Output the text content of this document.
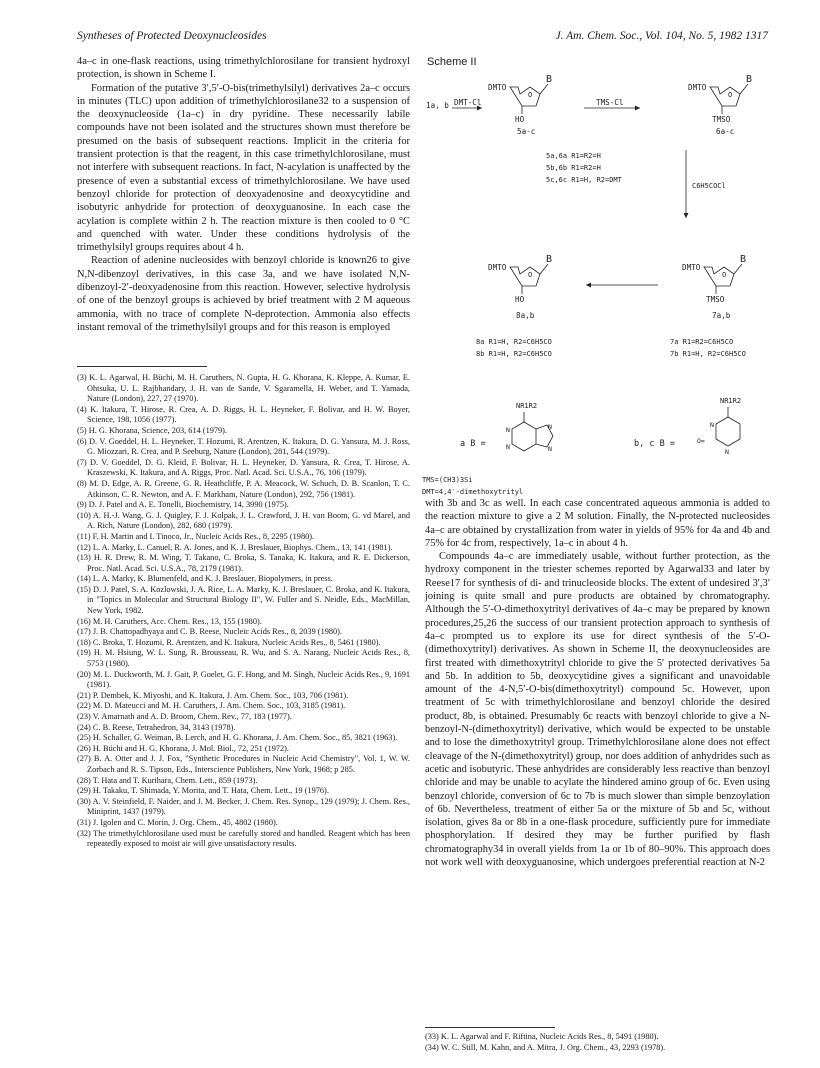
Syntheses of Protected Deoxynucleosides	J. Am. Chem. Soc., Vol. 104, No. 5, 1982 1317

4a–c in one-flask reactions, using trimethylchlorosilane for transient hydroxyl protection, is shown in Scheme I.

Formation of the putative 3′,5′-O-bis(trimethylsilyl) derivatives 2a–c occurs in minutes (TLC) upon addition of trimethylchlorosilane32 to a suspension of the deoxynucleoside (1a–c) in dry pyridine. These necessarily labile compounds have not been isolated and the structures shown must therefore be presumed on the basis of subsequent reactions. Implicit in the criteria for transient protection is that the reagent, in this case trimethylchlorosilane, must not interfere with subsequent reactions. In fact, N-acylation is unaffected by the presence of even a substantial excess of trimethylchlorosilane. We have used benzoyl chloride for protection of deoxyadenosine and deoxycytidine and isobutyric anhydride for protection of deoxyguanosine. In each case the acylation is complete within 2 h. The reaction mixture is then cooled to 0 °C and quenched with water. Under these conditions hydrolysis of the trimethylsilyl groups requires about 4 h.

Reaction of adenine nucleosides with benzoyl chloride is known26 to give N,N-dibenzoyl derivatives, in this case 3a, and we have isolated N,N-dibenzoyl-2′-deoxyadenosine from this reaction. However, selective hydrolysis of one of the benzoyl groups is achieved by brief treatment with 2 M aqueous ammonia, with no trace of complete N-deprotection. Ammonia also effects instant removal of the trimethylsilyl groups and for this reason is employed

(3) K. L. Agarwal, H. Büchi, M. H. Caruthers, N. Gupta, H. G. Khorana, K. Kleppe, A. Kumar, E. Ohtsuka, U. L. Rajbhandary, J. H. van de Sande, V. Sgaramella, H. Weber, and T. Yamada, Nature (London), 227, 27 (1970).

(4) K. Itakura, T. Hirose, R. Crea, A. D. Riggs, H. L. Heyneker, F. Bolivar, and H. W. Boyer, Science, 198, 1056 (1977).

(5) H. G. Khorana, Science, 203, 614 (1979).

(6) D. V. Goeddel, H. L. Heyneker, T. Hozumi, R. Arentzen, K. Itakura, D. G. Yansura, M. J. Ross, G. Miozzari, R. Crea, and P. Seeburg, Nature (London), 281, 544 (1979).

(7) D. V. Goeddel, D. G. Kleid, F. Bolivar, H. L. Heyneker, D. Yansura, R. Crea, T. Hirose, A. Kraszewski, K. Itakura, and A. Riggs, Proc. Natl. Acad. Sci. U.S.A., 76, 106 (1979).

(8) M. D. Edge, A. R. Greene, G. R. Heathcliffe, P. A. Meacock, W. Schuch, D. B. Scanlon, T. C. Atkinson, C. R. Newton, and A. F. Markham, Nature (London), 292, 756 (1981).

(9) D. J. Patel and A. E. Tonelli, Biochemistry, 14, 3990 (1975).

(10) A. H.-J. Wang, G. J. Quigley, F. J. Kolpak, J. L. Crawford, J. H. van Boom, G. vd Marel, and A. Rich, Nature (London), 282, 680 (1979).

(11) F. H. Martin and I. Tinoco, Jr., Nucleic Acids Res., 8, 2295 (1980).

(12) L. A. Marky, L. Canuel, R. A. Jones, and K. J. Breslauer, Biophys. Chem., 13, 141 (1981).

(13) H. R. Drew, R. M. Wing, T. Takano, C. Broka, S. Tanaka, K. Itakura, and R. E. Dickerson, Proc. Natl. Acad. Sci. U.S.A., 78, 2179 (1981).

(14) L. A. Marky, K. Blumenfeld, and K. J. Breslauer, Biopolymers, in press.

(15) D. J. Patel, S. A. Kozlowski, J. A. Rice, L. A. Marky, K. J. Breslauer, C. Broka, and K. Itakura, in "Topics in Molecular and Structural Biology II", W. Fuller and S. Neidle, Eds., MacMillan, New York, 1982.

(16) M. H. Caruthers, Acc. Chem. Res., 13, 155 (1980).

(17) J. B. Chattopadhyaya and C. B. Reese, Nucleic Acids Res., 8, 2039 (1980).

(18) C. Broka, T. Hozumi, R. Arentzen, and K. Itakura, Nucleic Acids Res., 8, 5461 (1980).

(19) H. M. Hsiung, W. L. Sung, R. Brousseau, R. Wu, and S. A. Narang, Nucleic Acids Res., 8, 5753 (1980).

(20) M. L. Duckworth, M. J. Gait, P. Goelet, G. F. Hong, and M. Singh, Nucleic Acids Res., 9, 1691 (1981).

(21) P. Dembek, K. Miyoshi, and K. Itakura, J. Am. Chem. Soc., 103, 706 (1981).

(22) M. D. Mateucci and M. H. Caruthers, J. Am. Chem. Soc., 103, 3185 (1981).

(23) V. Amarnath and A. D. Broom, Chem. Rev., 77, 183 (1977).

(24) C. B. Reese, Tetrahedron, 34, 3143 (1978).

(25) H. Schaller, G. Weiman, B. Lerch, and H. G. Khorana, J. Am. Chem. Soc., 85, 3821 (1963).

(26) H. Büchi and H. G. Khorana, J. Mol. Biol., 72, 251 (1972).

(27) B. A. Otter and J. J. Fox, "Synthetic Procedures in Nucleic Acid Chemistry", Vol. 1, W. W. Zorbach and R. S. Tipson, Eds., Interscience Publishers, New York, 1968; p 285.

(28) T. Hata and T. Kurihara, Chem. Lett., 859 (1973).

(29) H. Takaku, T. Shimada, Y. Morita, and T. Hata, Chem. Lett., 19 (1976).

(30) A. V. Steinfield, F. Naider, and J. M. Becker, J. Chem. Res. Synop., 129 (1979); J. Chem. Res., Miniprint, 1437 (1979).

(31) J. Igolen and C. Morin, J. Org. Chem., 45, 4802 (1980).

(32) The trimethylchlorosilane used must be carefully stored and handled. Reagent which has been repeatedly exposed to moist air will give unsatisfactory results.

Scheme II
1a, b DMT-Cl
DMTO
O
B
HO
5a-c
TMS-Cl
DMTO
O
B
TMSO
6a-c
5a,6a R1=R2=H
5b,6b R1=R2=H
5c,6c R1=H, R2=DMT
C6H5COCl
DMTO
O
B
HO
8a,b
DMTO
O
B
TMSO
7a,b
8a R1=H, R2=C6H5CO
8b R1=H, R2=C6H5CO
7a R1=R2=C6H5CO
7b R1=H, R2=C6H5CO
a B =
NR1R2
N
N
N
N	b, c B =
NR1R2
N
N
O=
TMS=(CH3)3Si
DMT=4,4′-dimethoxytrityl

with 3b and 3c as well. In each case concentrated aqueous ammonia is added to the reaction mixture to give a 2 M solution. Finally, the N-protected nucleosides 4a–c are obtained by crystallization from water in yields of 95% for 4a and 4b and 75% for 4c from, respectively, 1a–c in about 4 h.

Compounds 4a–c are immediately usable, without further protection, as the hydroxy component in the triester schemes reported by Agarwal33 and later by Reese17 for synthesis of di- and trinucleoside blocks. The extent of undesired 3′,3′ joining is quite small and pure products are obtained by chromatography. Although the 5′-O-dimethoxytrityl derivatives of 4a–c may be prepared by known procedures,25,26 the success of our transient protection approach to synthesis of 4a–c prompted us to explore its use for direct synthesis of the 5′-O-(dimethoxytrityl) derivatives. As shown in Scheme II, the deoxynucleosides are first treated with dimethoxytrityl chloride to give the 5′ protected derivatives 5a and 5b. In addition to 5b, deoxycytidine gives a significant and unavoidable amount of the 4-N,5′-O-bis(dimethoxytrityl) compound 5c. However, upon treatment of 5c with trimethylchlorosilane and benzoyl chloride the desired product, 8b, is obtained. Presumably 6c reacts with benzoyl chloride to give a N-benzoyl-N-(dimethoxytrityl) derivative, which would be expected to be unstable and to lose the dimethoxytrityl group. Trimethylchlorosilane alone does not effect cleavage of the N-(dimethoxytrityl) group, nor does addition of anhydrides such as acetic and isobutyric. These anhydrides are considerably less reactive than benzoyl chloride and may be unable to acylate the hindered amino group of 6c. Even using benzoyl chloride, conversion of 6c to 7b is much slower than simple benzoylation of 6b. Nevertheless, treatment of either 5a or the mixture of 5b and 5c, without isolation, gives 8a or 8b in a one-flask procedure, sufficiently pure for immediate phosphorylation. If desired they may be further purified by flash chromatography34 in overall yields from 1a or 1b of 80–90%. This approach does not work well with deoxyguanosine, which undergoes preferential reaction at N-2

(33) K. L. Agarwal and F. Riftina, Nucleic Acids Res., 8, 5491 (1980).

(34) W. C. Still, M. Kahn, and A. Mitra, J. Org. Chem., 43, 2293 (1978).
